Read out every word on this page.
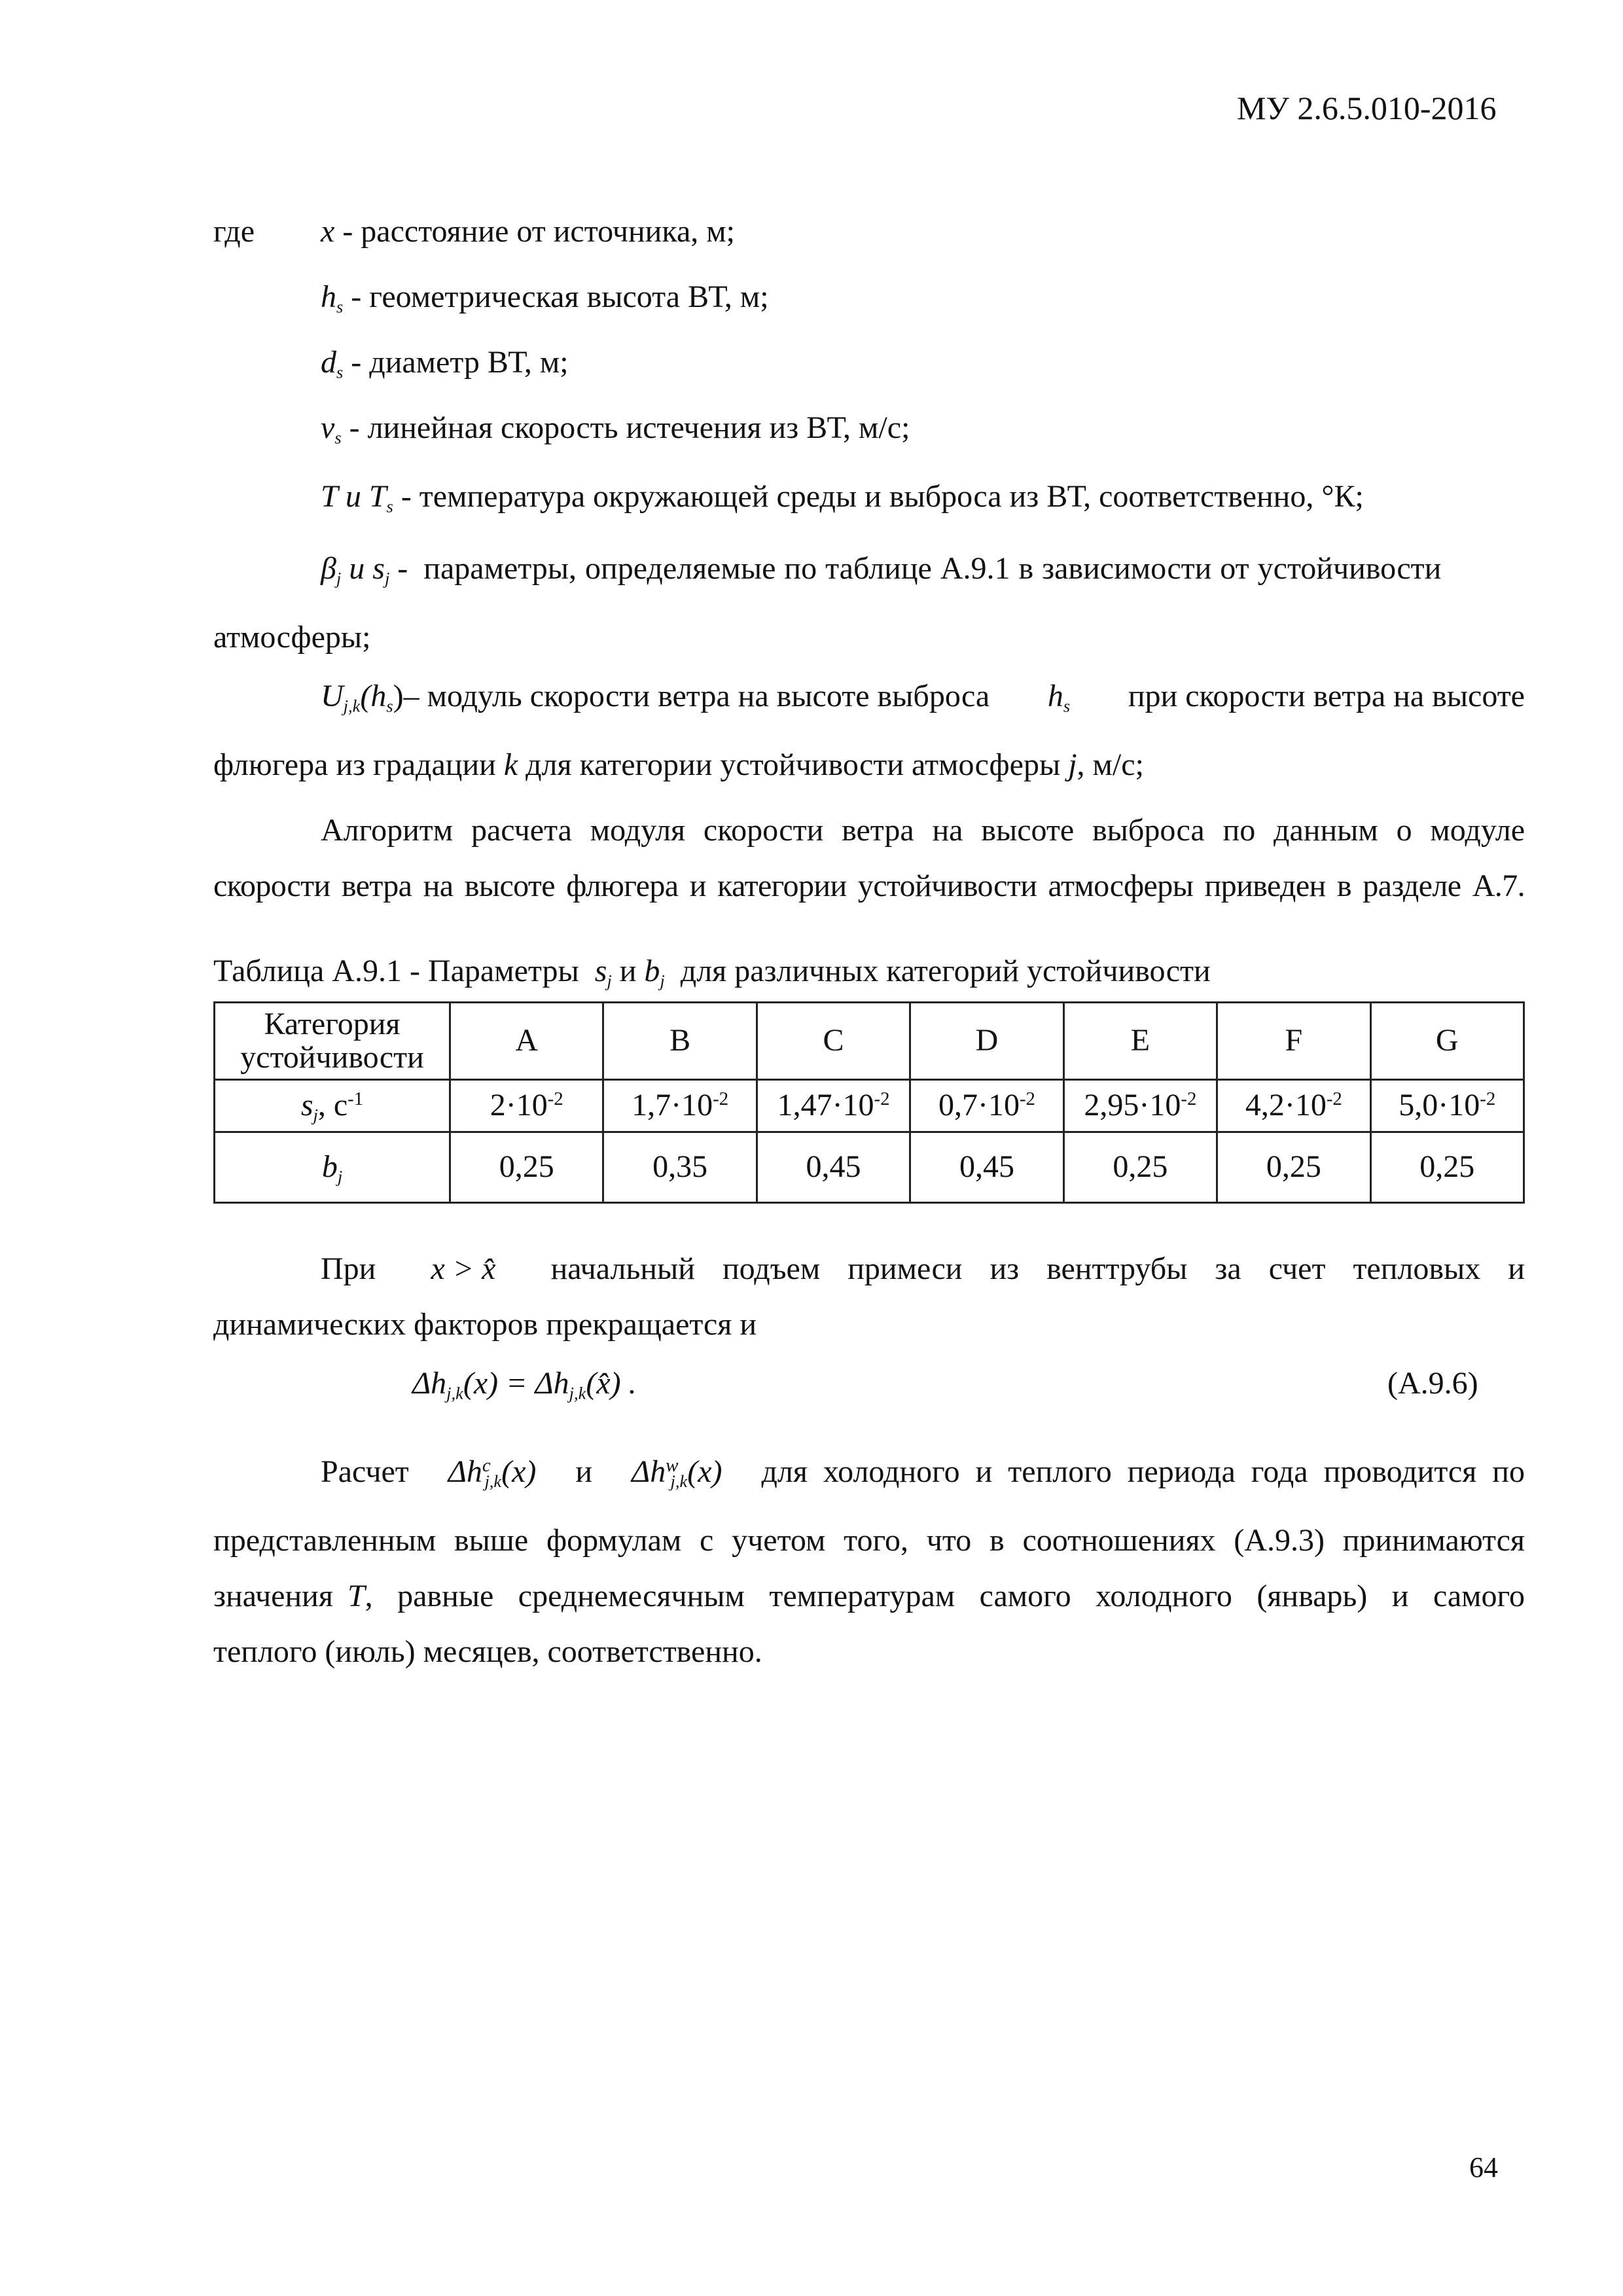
МУ 2.6.5.010-2016
где x - расстояние от источника, м;
$h_s$ - геометрическая высота ВТ, м;
$d_s$ - диаметр ВТ, м;
$v_s$ - линейная скорость истечения из ВТ, м/с;
T и $T_s$ - температура окружающей среды и выброса из ВТ, соответственно, °К;
$\beta_j$ и $s_j$ - параметры, определяемые по таблице А.9.1 в зависимости от устойчивости
атмосферы;
$U_{j,k}(h_s)-$ модуль скорости ветра на высоте выброса $h_s$ при скорости ветра на высоте
флюгера из градации k для категории устойчивости атмосферы j, м/с;
Алгоритм расчета модуля скорости ветра на высоте выброса по данным о модуле
скорости ветра на высоте флюгера и категории устойчивости атмосферы приведен в разделе А.7.
Таблица А.9.1 - Параметры $s_j$ и $b_j$ для различных категорий устойчивости
Категория
устойчивости	A	B	C	D	E	F	G
$s_j$, $с^{-1}$	$2\cdot 10^{-2}$	$1,7\cdot 10^{-2}$	$1,47\cdot 10^{-2}$	$0,7\cdot 10^{-2}$	$2,95\cdot 10^{-2}$	$4,2\cdot 10^{-2}$	$5,0\cdot 10^{-2}$
$b_j$	0,25	0,35	0,45	0,45	0,25	0,25	0,25
При x > x̂ начальный подъем примеси из венттрубы за счет тепловых и
динамических факторов прекращается и
$\Delta h_{j,k}(x)$ = $\Delta h_{j,k}(x̂)$ .	(А.9.6)
Расчет $\Delta h^c_{j,k}(x)$ и $\Delta h^w_{j,k}(x)$ для холодного и теплого периода года проводится по
представленным выше формулам с учетом того, что в соотношениях (А.9.3) принимаются
значения T , равные среднемесячным температурам самого холодного (январь) и самого
теплого (июль) месяцев, соответственно.
64
